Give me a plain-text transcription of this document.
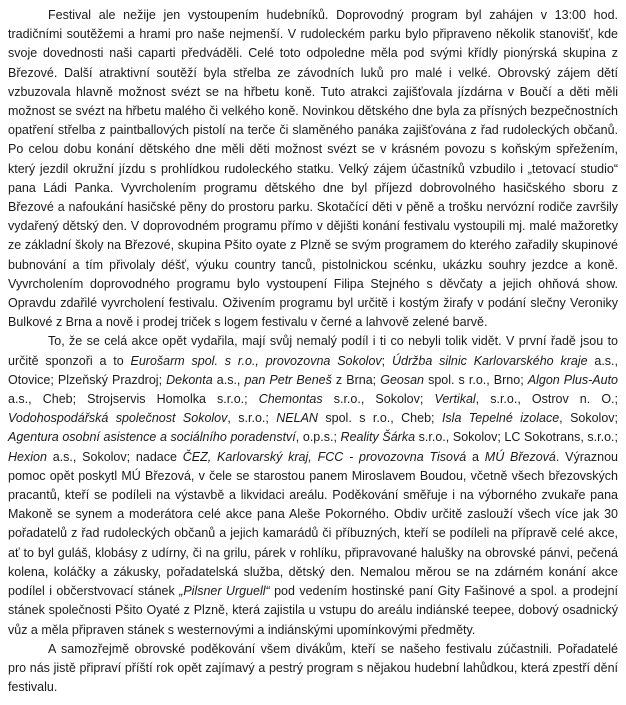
Festival ale nežije jen vystoupením hudebníků. Doprovodný program byl zahájen v 13:00 hod. tradičními soutěžemi a hrami pro naše nejmenší. V rudoleckém parku bylo připraveno několik stanovišť, kde svoje dovednosti naši caparti předváděli. Celé toto odpoledne měla pod svými křídly pionýrská skupina z Březové. Další atraktivní soutěží byla střelba ze závodních luků pro malé i velké. Obrovský zájem dětí vzbuzovala hlavně možnost svézt se na hřbetu koně. Tuto atrakci zajišťovala jízdárna v Boučí a děti měli možnost se svézt na hřbetu malého či velkého koně. Novinkou dětského dne byla za přísných bezpečnostních opatření střelba z paintballových pistolí na terče či slaměného panáka zajišťována z řad rudoleckých občanů. Po celou dobu konání dětského dne měli děti možnost svézt se v krásném povozu s koňským spřežením, který jezdil okružní jízdu s prohlídkou rudoleckého statku. Velký zájem účastníků vzbudilo i „tetovací studio“ pana Ládi Panka. Vyvrcholením programu dětského dne byl příjezd dobrovolného hasičského sboru z Březové a nafoukání hasičské pěny do prostoru parku. Skotačící děti v pěně a trošku nervózní rodiče završily vydařený dětský den. V doprovodném programu přímo v dějišti konání festivalu vystoupili mj. malé mažoretky ze základní školy na Březové, skupina Pšito oyate z Plzně se svým programem do kterého zařadily skupinové bubnování a tím přivolaly déšť, výuku country tanců, pistolnickou scénku, ukázku souhry jezdce a koně. Vyvrcholením doprovodného programu bylo vystoupení Filipa Stejného s děvčaty a jejich ohňová show. Opravdu zdařilé vyvrcholení festivalu. Oživením programu byl určitě i kostým žirafy v podání slečny Veroniky Bulkové z Brna a nově i prodej triček s logem festivalu v černé a lahvově zelené barvě.

To, že se celá akce opět vydařila, mají svůj nemalý podíl i ti co nebyli tolik vidět. V první řadě jsou to určitě sponzoři a to Eurošarm spol. s r.o., provozovna Sokolov; Údržba silnic Karlovarského kraje a.s., Otovice; Plzeňský Prazdroj; Dekonta a.s., pan Petr Beneš z Brna; Geosan spol. s r.o., Brno; Algon Plus-Auto a.s., Cheb; Strojservis Homolka s.r.o.; Chemontas s.r.o., Sokolov; Vertikal, s.r.o., Ostrov n. O.; Vodohospodářská společnost Sokolov, s.r.o.; NELAN spol. s r.o., Cheb; Isla Tepelné izolace, Sokolov; Agentura osobní asistence a sociálního poradenství, o.p.s.; Reality Šárka s.r.o., Sokolov; LC Sokotrans, s.r.o.; Hexion a.s., Sokolov; nadace ČEZ, Karlovarský kraj, FCC - provozovna Tisová a MÚ Březová. Výraznou pomoc opět poskytl MÚ Březová, v čele se starostou panem Miroslavem Boudou, včetně všech březovských pracantů, kteří se podíleli na výstavbě a likvidaci areálu. Poděkování směřuje i na výborného zvukaře pana Makoně se synem a moderátora celé akce pana Aleše Pokorného. Obdiv určitě zaslouží všech více jak 30 pořadatelů z řad rudoleckých občanů a jejich kamarádů či příbuzných, kteří se podíleli na přípravě celé akce, ať to byl guláš, klobásy z udírny, či na grilu, párek v rohlíku, připravované halušky na obrovské pánvi, pečená kolena, koláčky a zákusky, pořadatelská služba, dětský den. Nemalou měrou se na zdárném konání akce podílel i občerstvovací stánek „Pilsner Urguell“ pod vedením hostinské paní Gity Fašinové a spol. a prodejní stánek společnosti Pšito Oyaté z Plzně, která zajistila u vstupu do areálu indiánské teepee, dobový osadnický vůz a měla připraven stánek s westernovými a indiánskými upomínkovými předměty.

A samozřejmě obrovské poděkování všem divákům, kteří se našeho festivalu zúčastnili. Pořadatelé pro nás jistě připraví příští rok opět zajímavý a pestrý program s nějakou hudební lahůdkou, která zpestří dění festivalu.
